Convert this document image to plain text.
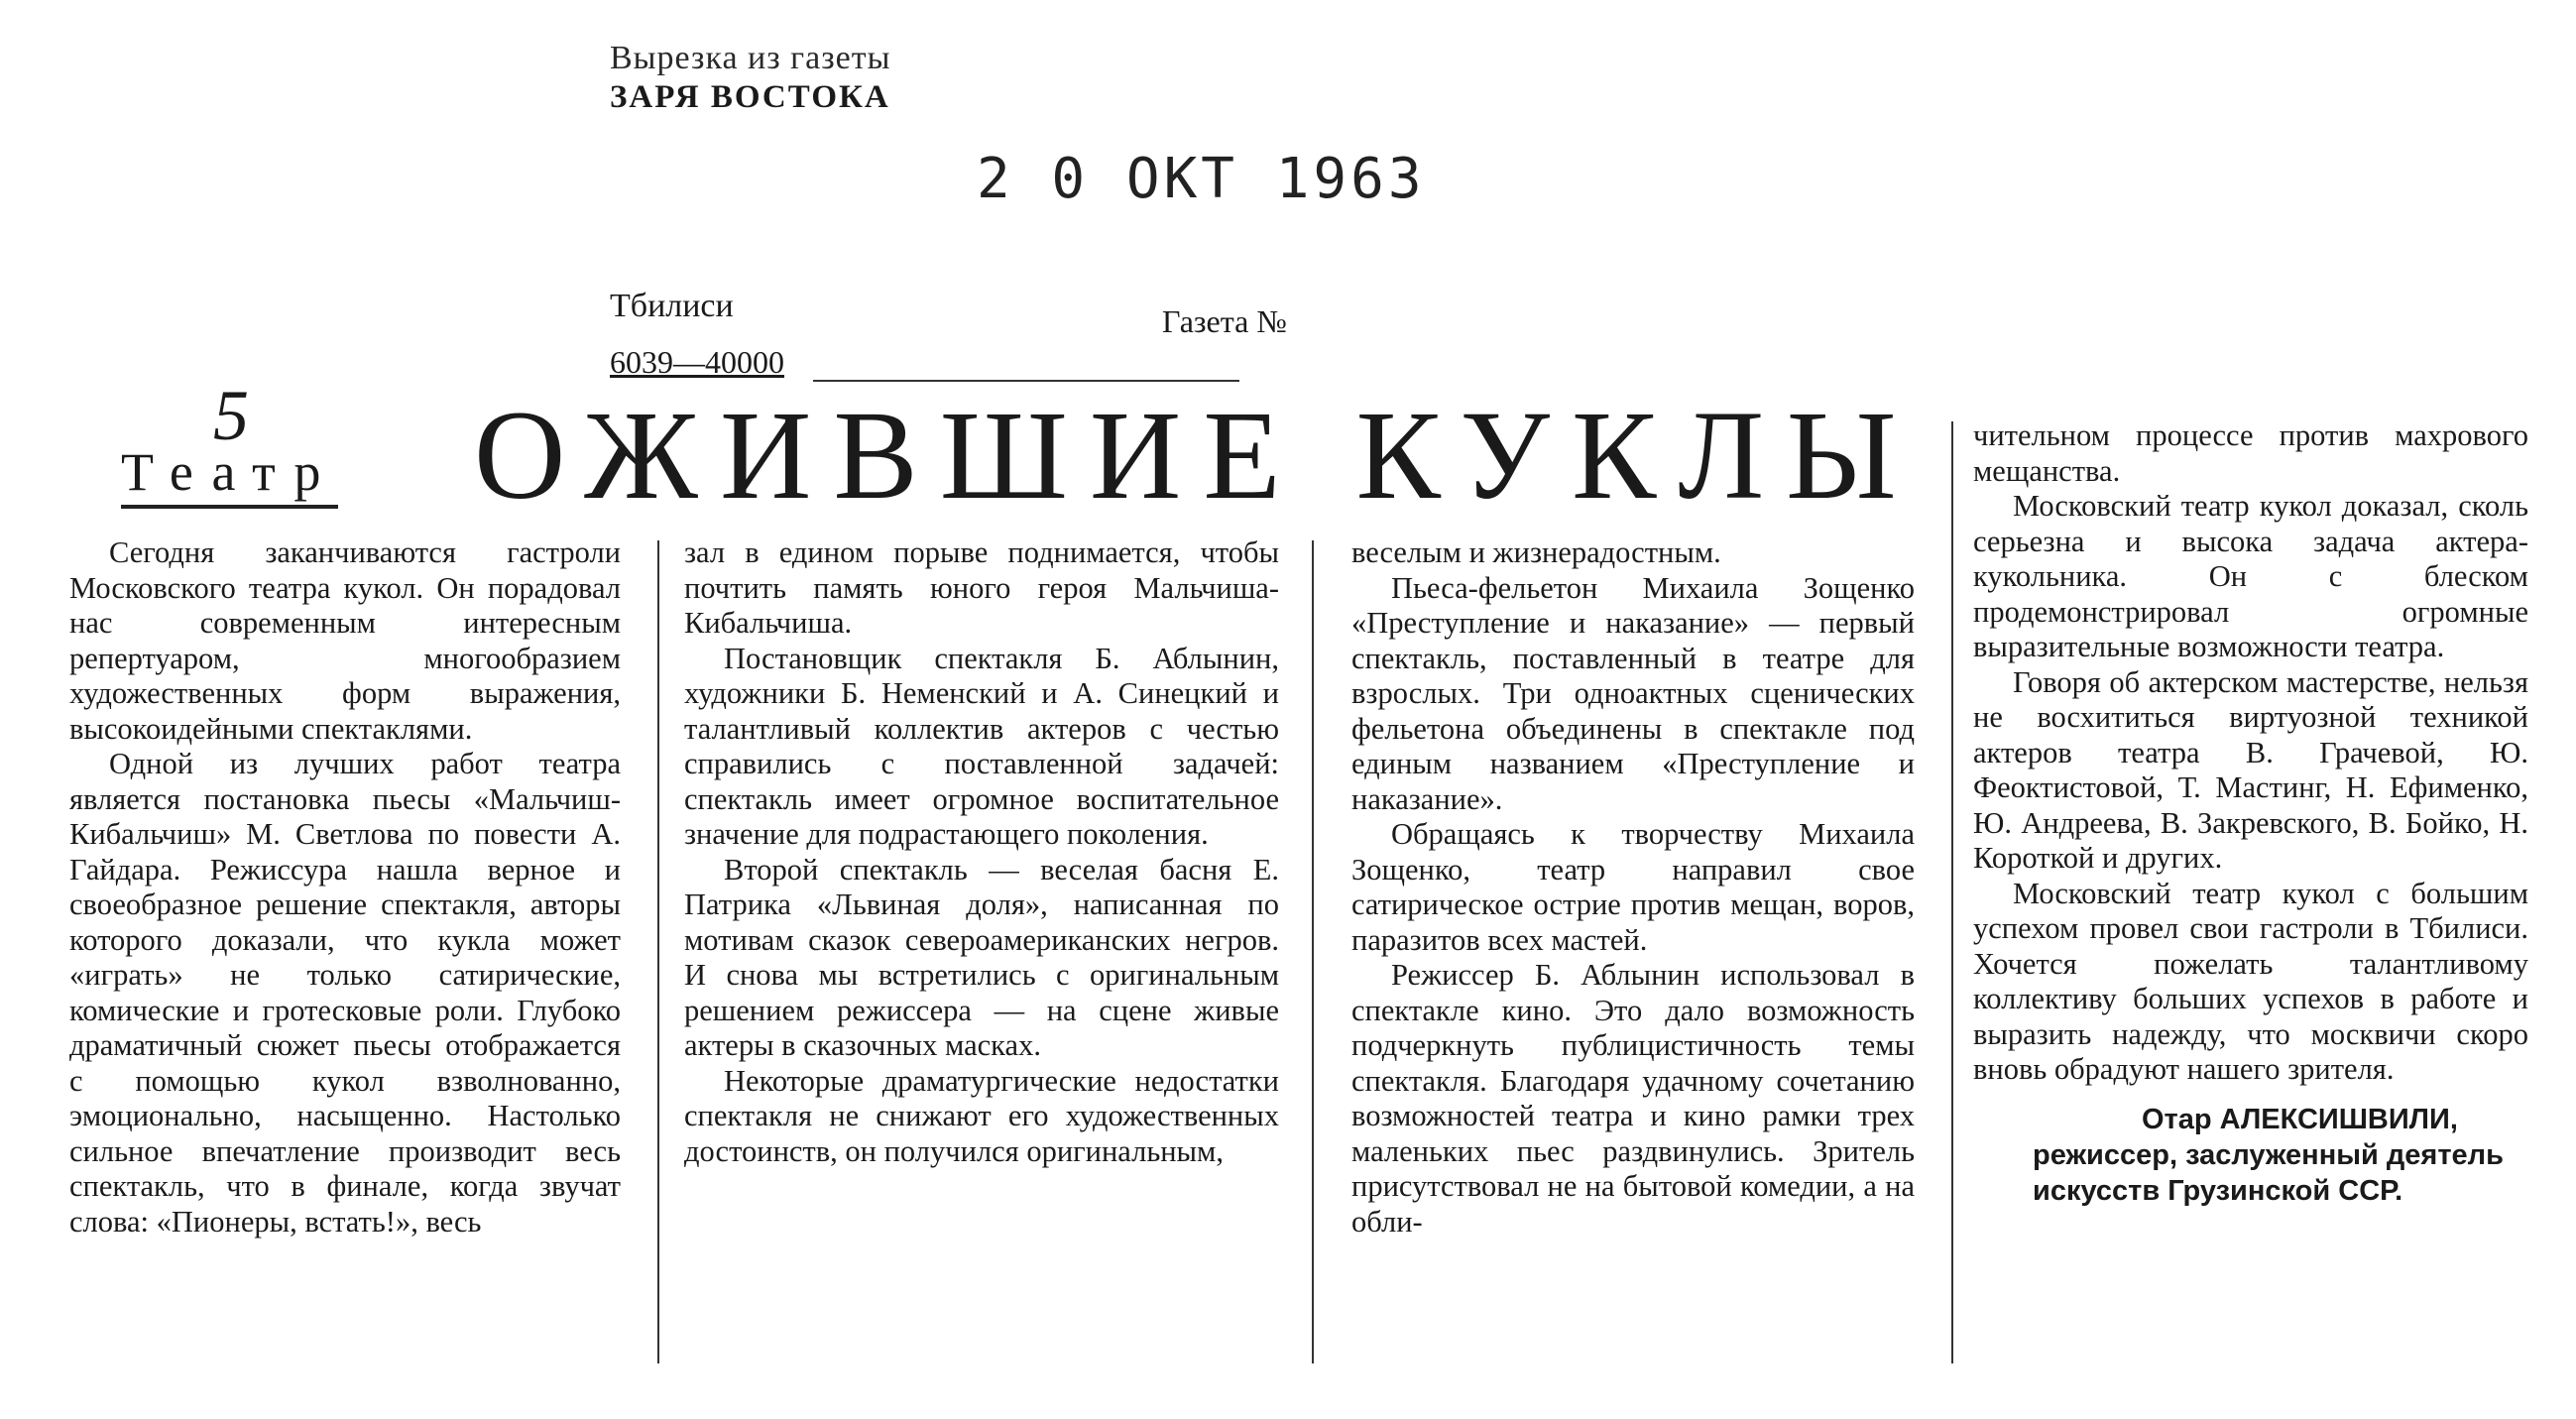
Вырезка из газеты
ЗАРЯ ВОСТОКА
2 0 ОКТ 1963
Тбилиси	Газета №
6039—40000
5
Театр ОЖИВШИЕ КУКЛЫ

Сегодня заканчиваются гастроли Московского театра кукол. Он порадовал нас современным интересным репертуаром, многообразием художественных форм выражения, высокоидейными спектаклями.

Одной из лучших работ театра является постановка пьесы «Мальчиш-Кибальчиш» М. Светлова по повести А. Гайдара. Режиссура нашла верное и своеобразное решение спектакля, авторы которого доказали, что кукла может «играть» не только сатирические, комические и гротесковые роли. Глубоко драматичный сюжет пьесы отображается с помощью кукол взволнованно, эмоционально, насыщенно. Настолько сильное впечатление производит весь спектакль, что в финале, когда звучат слова: «Пионеры, встать!», весь

зал в едином порыве поднимается, чтобы почтить память юного героя Мальчиша-Кибальчиша.

Постановщик спектакля Б. Аблынин, художники Б. Неменский и А. Синецкий и талантливый коллектив актеров с честью справились с поставленной задачей: спектакль имеет огромное воспитательное значение для подрастающего поколения.

Второй спектакль — веселая басня Е. Патрика «Львиная доля», написанная по мотивам сказок североамериканских негров. И снова мы встретились с оригинальным решением режиссера — на сцене живые актеры в сказочных масках.

Некоторые драматургические недостатки спектакля не снижают его художественных достоинств, он получился оригинальным,

веселым и жизнерадостным.

Пьеса-фельетон Михаила Зощенко «Преступление и наказание» — первый спектакль, поставленный в театре для взрослых. Три одноактных сценических фельетона объединены в спектакле под единым названием «Преступление и наказание».

Обращаясь к творчеству Михаила Зощенко, театр направил свое сатирическое острие против мещан, воров, паразитов всех мастей.

Режиссер Б. Аблынин использовал в спектакле кино. Это дало возможность подчеркнуть публицистичность темы спектакля. Благодаря удачному сочетанию возможностей театра и кино рамки трех маленьких пьес раздвинулись. Зритель присутствовал не на бытовой комедии, а на обли-

чительном процессе против махрового мещанства.

Московский театр кукол доказал, сколь серьезна и высока задача актера-кукольника. Он с блеском продемонстрировал огромные выразительные возможности театра.

Говоря об актерском мастерстве, нельзя не восхититься виртуозной техникой актеров театра В. Грачевой, Ю. Феоктистовой, Т. Мастинг, Н. Ефименко, Ю. Андреева, В. Закревского, В. Бойко, Н. Короткой и других.

Московский театр кукол с большим успехом провел свои гастроли в Тбилиси. Хочется пожелать талантливому коллективу больших успехов в работе и выразить надежду, что москвичи скоро вновь обрадуют нашего зрителя.

Отар АЛЕКСИШВИЛИ,
режиссер, заслуженный деятель искусств Грузинской ССР.
